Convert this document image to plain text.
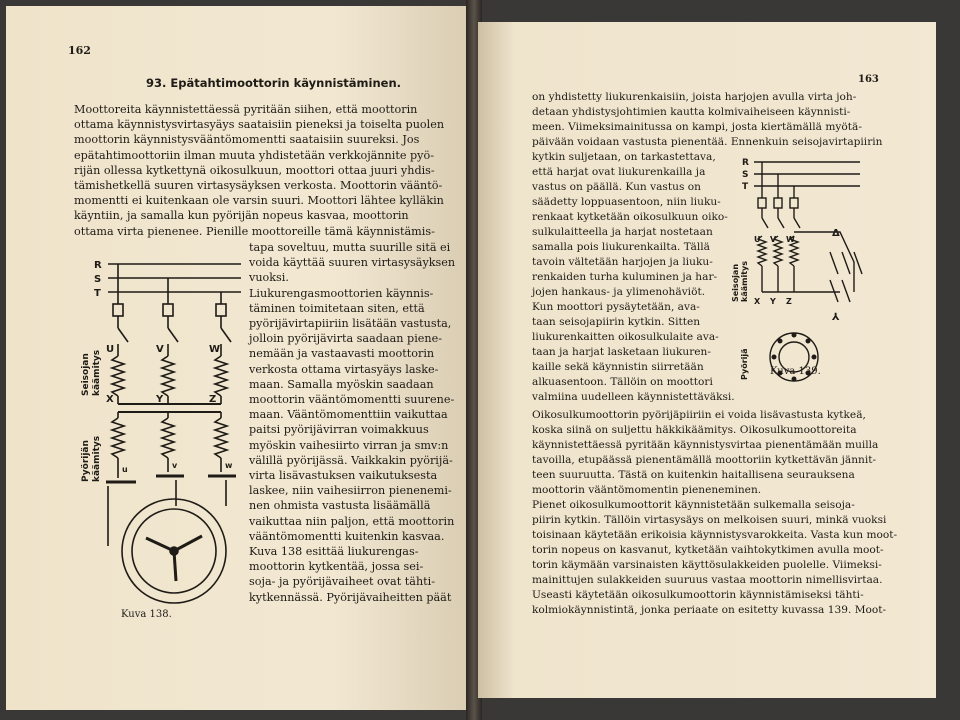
162
93. Epätahtimoottorin käynnistäminen.
Moottoreita käynnistettäessä pyritään siihen, että moottorin
ottama käynnistysvirtasyäys saataisiin pieneksi ja toiselta puolen
moottorin käynnistysvääntömomentti saataisiin suureksi. Jos
epätahtimoottoriin ilman muuta yhdistetään verkkojännite pyö-
rijän ollessa kytkettynä oikosulkuun, moottori ottaa juuri yhdis-
tämishetkellä suuren virtasysäyksen verkosta. Moottorin vääntö-
momentti ei kuitenkaan ole varsin suuri. Moottori lähtee kylläkin
käyntiin, ja samalla kun pyörijän nopeus kasvaa, moottorin
ottama virta pienenee. Pienille moottoreille tämä käynnistämis-
tapa soveltuu, mutta suurille sitä ei
voida käyttää suuren virtasysäyksen
vuoksi.
Liukurengasmoottorien käynnis-
täminen toimitetaan siten, että
pyörijävirtapiiriin lisätään vastusta,
jolloin pyörijävirta saadaan piene-
nemään ja vastaavasti moottorin
verkosta ottama virtasyäys laske-
maan. Samalla myöskin saadaan
moottorin vääntömomentti suurene-
maan. Vääntömomenttiin vaikuttaa
paitsi pyörijävirran voimakkuus
myöskin vaihesiirto virran ja smv:n
välillä pyörijässä. Vaikkakin pyörijä-
virta lisävastuksen vaikutuksesta
laskee, niin vaihesiirron pienenemi-
nen ohmista vastusta lisäämällä
vaikuttaa niin paljon, että moottorin
vääntömomentti kuitenkin kasvaa.
Kuva 138 esittää liukurengas-
moottorin kytkentää, jossa sei-
soja- ja pyörijävaiheet ovat tähti-
kytkennässä. Pyörijävaiheitten päät
R
S
T
U	V	W
X	Y	Z
u	v	w
Seisojan käämitys
Pyörijän käämitys
Kuva 138.
163
on yhdistetty liukurenkaisiin, joista harjojen avulla virta joh-
detaan yhdistysjohtimien kautta kolmivaiheiseen käynnisti-
meen. Viimeksimainitussa on kampi, josta kiertämällä myötä-
päivään voidaan vastusta pienentää. Ennenkuin seisojavirtapiirin
kytkin suljetaan, on tarkastettava,
että harjat ovat liukurenkailla ja
vastus on päällä. Kun vastus on
säädetty loppuasentoon, niin liuku-
renkaat kytketään oikosulkuun oiko-
sulkulaitteella ja harjat nostetaan
samalla pois liukurenkailta. Tällä
tavoin vältetään harjojen ja liuku-
renkaiden turha kuluminen ja har-
jojen hankaus- ja ylimenohäviöt.
Kun moottori pysäytetään, ava-
taan seisojapiirin kytkin. Sitten
liukurenkaitten oikosulkulaite ava-
taan ja harjat lasketaan liukuren-
kaille sekä käynnistin siirretään
alkuasentoon. Tällöin on moottori
valmiina uudelleen käynnistettäväksi.
Oikosulkumoottorin pyörijäpiiriin ei voida lisävastusta kytkeä,
koska siinä on suljettu häkkikäämitys. Oikosulkumoottoreita
käynnistettäessä pyritään käynnistysvirtaa pienentämään muilla
tavoilla, etupäässä pienentämällä moottoriin kytkettävän jännit-
teen suuruutta. Tästä on kuitenkin haitallisena seurauksena
moottorin vääntömomentin pieneneminen.
Pienet oikosulkumoottorit käynnistetään sulkemalla seisoja-
piirin kytkin. Tällöin virtasysäys on melkoisen suuri, minkä vuoksi
toisinaan käytetään erikoisia käynnistysvarokkeita. Vasta kun moot-
torin nopeus on kasvanut, kytketään vaihtokytkimen avulla moot-
torin käymään varsinaisten käyttösulakkeiden puolelle. Viimeksi-
mainittujen sulakkeiden suuruus vastaa moottorin nimellisvirtaa.
Useasti käytetään oikosulkumoottorin käynnistämiseksi tähti-
kolmiokäynnistintä, jonka periaate on esitetty kuvassa 139. Moot-
R
S
T
U V W
X Y Z
Δ
⅄
Seisojan käämitys
Pyörijä Kuva 139.
